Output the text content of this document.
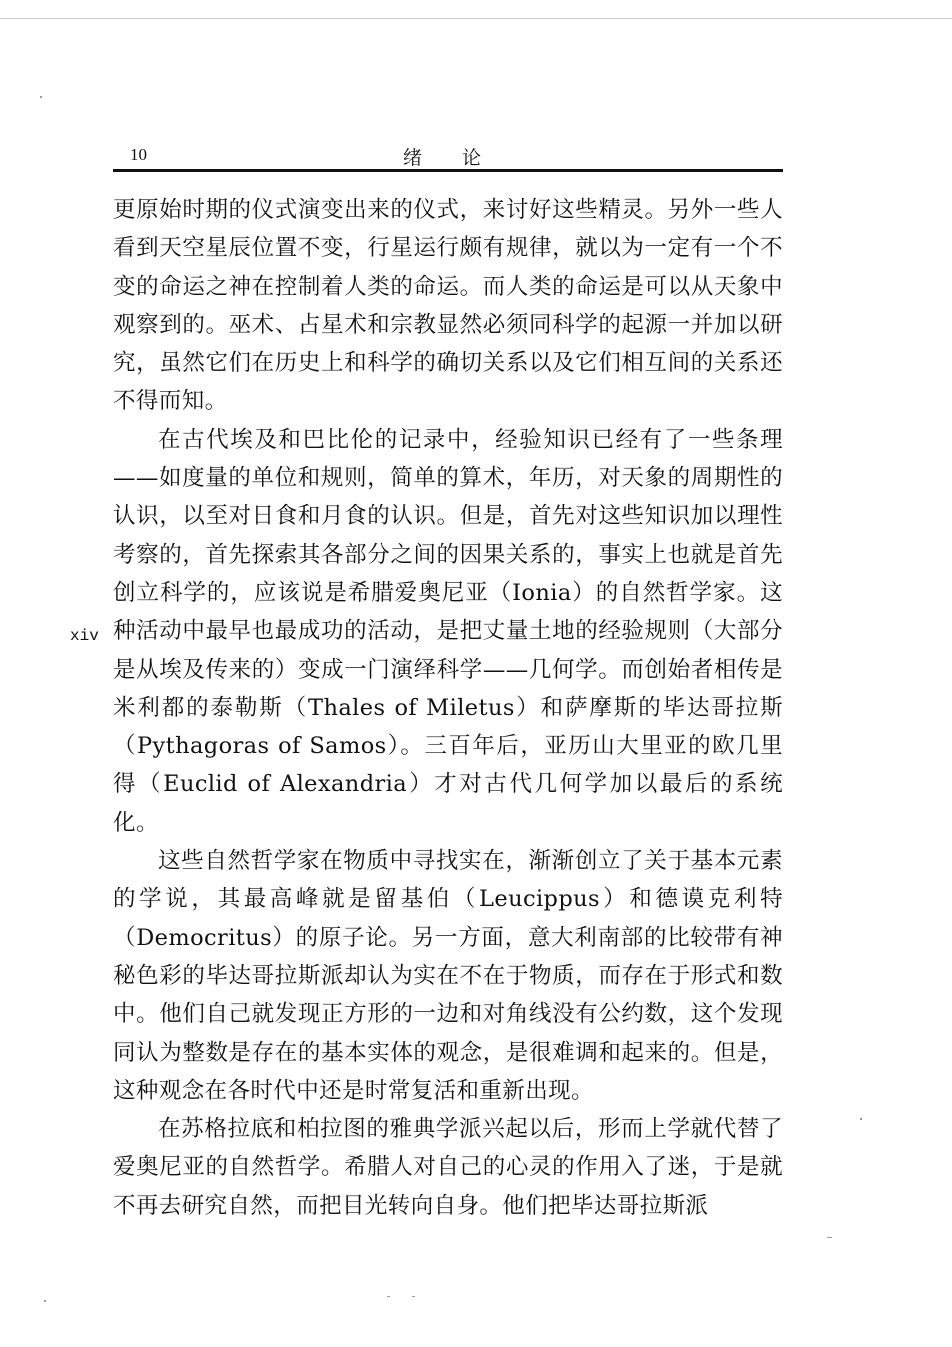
10	绪论
xiv

更原始时期的仪式演变出来的仪式，来讨好这些精灵。另外一些人看到天空星辰位置不变，行星运行颇有规律，就以为一定有一个不变的命运之神在控制着人类的命运。而人类的命运是可以从天象中观察到的。巫术、占星术和宗教显然必须同科学的起源一并加以研究，虽然它们在历史上和科学的确切关系以及它们相互间的关系还不得而知。

在古代埃及和巴比伦的记录中，经验知识已经有了一些条理——如度量的单位和规则，简单的算术，年历，对天象的周期性的认识，以至对日食和月食的认识。但是，首先对这些知识加以理性考察的，首先探索其各部分之间的因果关系的，事实上也就是首先创立科学的，应该说是希腊爱奥尼亚（Ionia）的自然哲学家。这种活动中最早也最成功的活动，是把丈量土地的经验规则（大部分是从埃及传来的）变成一门演绎科学——几何学。而创始者相传是米利都的泰勒斯（Thales of Miletus）和萨摩斯的毕达哥拉斯（Pythagoras of Samos）。三百年后，亚历山大里亚的欧几里得（Euclid of Alexandria）才对古代几何学加以最后的系统化。

这些自然哲学家在物质中寻找实在，渐渐创立了关于基本元素的学说，其最高峰就是留基伯（Leucippus）和德谟克利特（Democritus）的原子论。另一方面，意大利南部的比较带有神秘色彩的毕达哥拉斯派却认为实在不在于物质，而存在于形式和数中。他们自己就发现正方形的一边和对角线没有公约数，这个发现同认为整数是存在的基本实体的观念，是很难调和起来的。但是，这种观念在各时代中还是时常复活和重新出现。

在苏格拉底和柏拉图的雅典学派兴起以后，形而上学就代替了爱奥尼亚的自然哲学。希腊人对自己的心灵的作用入了迷，于是就不再去研究自然，而把目光转向自身。他们把毕达哥拉斯派
